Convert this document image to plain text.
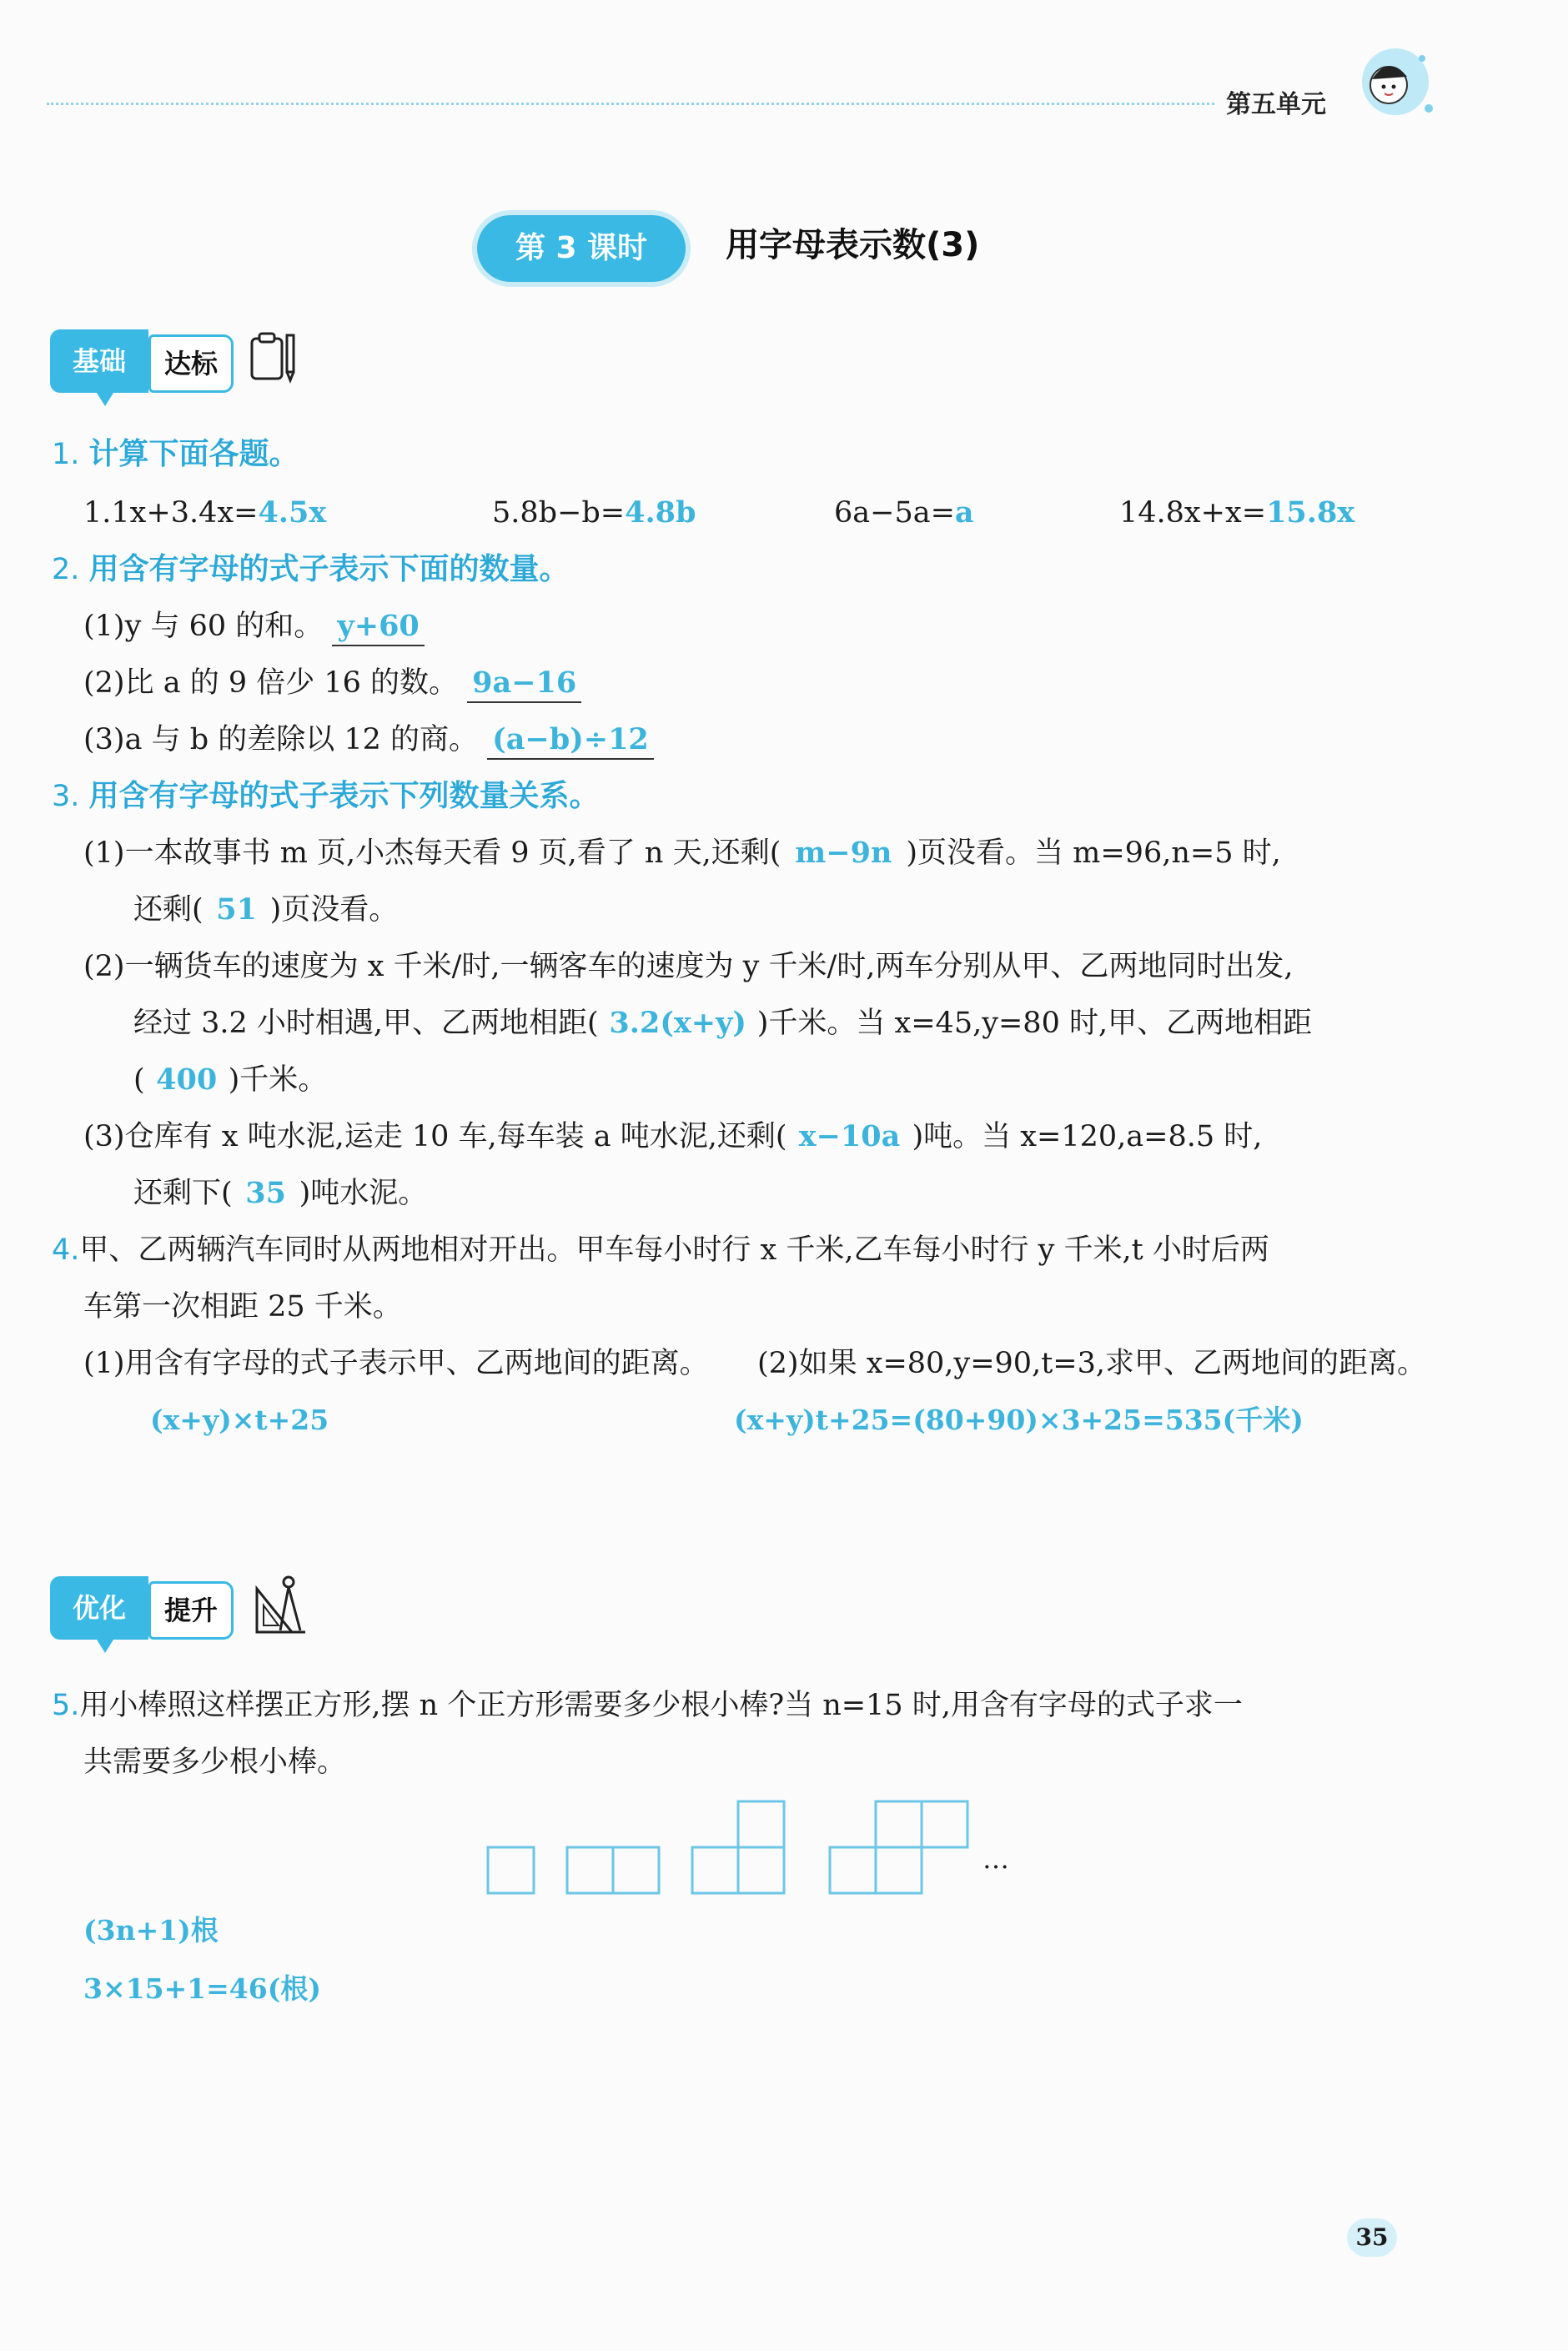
第五单元
第 3 课时	用字母表示数(3)
基础	达标
1. 计算下面各题。
1.1x+3.4x=4.5x	5.8b−b=4.8b	6a−5a=a	14.8x+x=15.8x
2. 用含有字母的式子表示下面的数量。
(1)y 与 60 的和。 y+60
(2)比 a 的 9 倍少 16 的数。 9a−16
(3)a 与 b 的差除以 12 的商。 (a−b)÷12
3. 用含有字母的式子表示下列数量关系。
(1)一本故事书 m 页,小杰每天看 9 页,看了 n 天,还剩( m−9n )页没看。当 m=96,n=5 时,
还剩( 51 )页没看。
(2)一辆货车的速度为 x 千米/时,一辆客车的速度为 y 千米/时,两车分别从甲、乙两地同时出发,
经过 3.2 小时相遇,甲、乙两地相距( 3.2(x+y) )千米。当 x=45,y=80 时,甲、乙两地相距
( 400 )千米。
(3)仓库有 x 吨水泥,运走 10 车,每车装 a 吨水泥,还剩( x−10a )吨。当 x=120,a=8.5 时,
还剩下( 35 )吨水泥。
4.甲、乙两辆汽车同时从两地相对开出。甲车每小时行 x 千米,乙车每小时行 y 千米,t 小时后两
车第一次相距 25 千米。
(1)用含有字母的式子表示甲、乙两地间的距离。 (2)如果 x=80,y=90,t=3,求甲、乙两地间的距离。
(x+y)×t+25	(x+y)t+25=(80+90)×3+25=535(千米)
优化	提升
5.用小棒照这样摆正方形,摆 n 个正方形需要多少根小棒?当 n=15 时,用含有字母的式子求一
共需要多少根小棒。
…
(3n+1)根
3×15+1=46(根)
35
